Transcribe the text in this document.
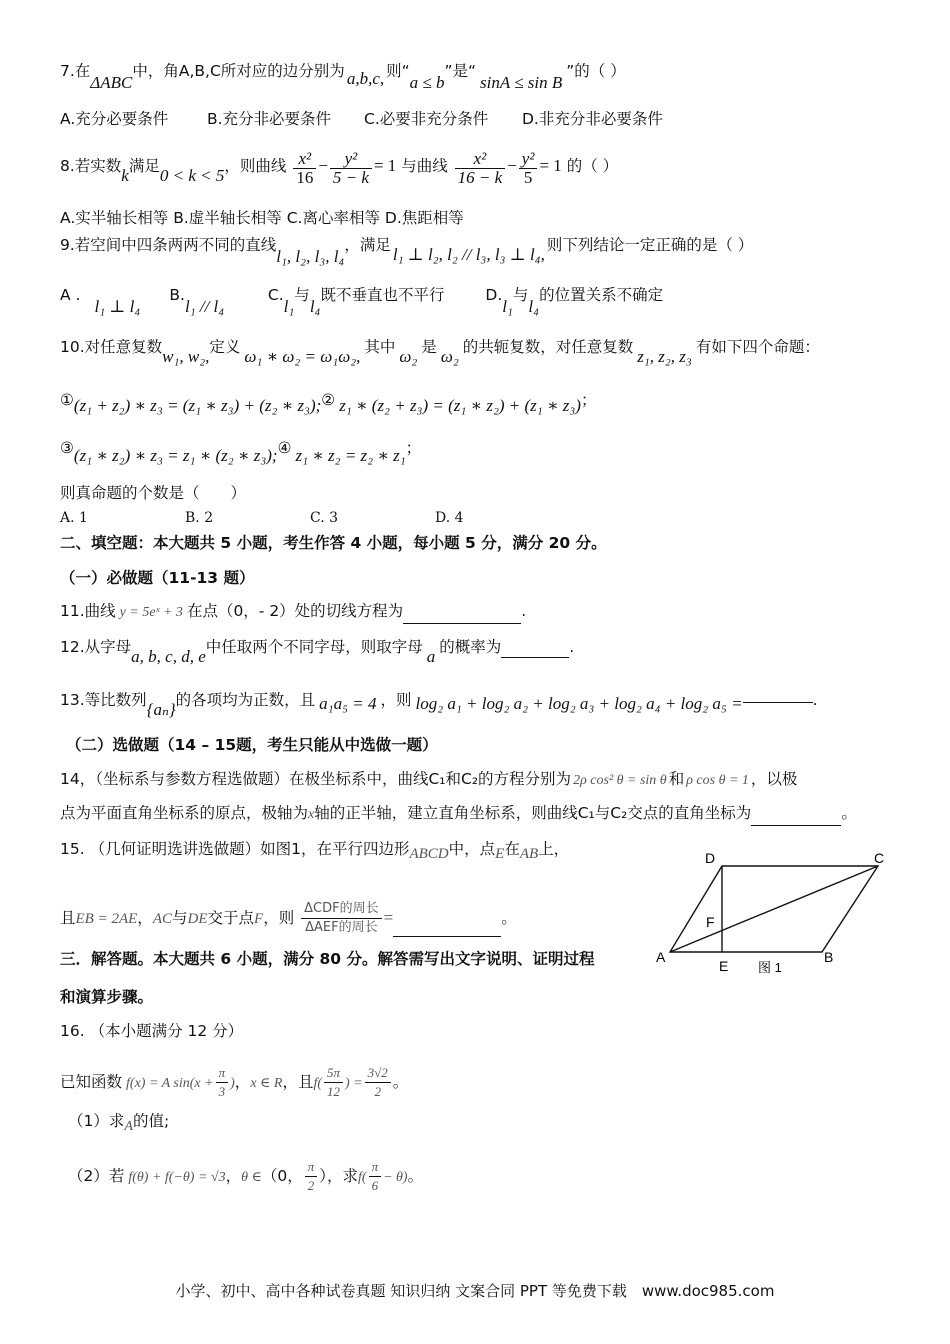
7.在ΔABC中，角A,B,C所对应的边分别为 a,b,c, 则“a ≤ b”是“sinA ≤ sin B”的（ ）
A.充分必要条件 B.充分非必要条件 C.必要非充分条件 D.非充分非必要条件
8.若实数k满足0 < k < 5，则曲线 $\frac{\text{x²}}{16} - \frac{\text{y²}}{5 - k} = 1$ 与曲线 $\frac{\text{x²}}{16 - k} - \frac{\text{y²}}{5} = 1$ 的（ ）
A.实半轴长相等 B.虚半轴长相等 C.离心率相等 D.焦距相等
9.若空间中四条两两不同的直线l₁, l₂, l₃, l₄，满足 l₁ ⊥ l₂, l₂ // l₃, l₃ ⊥ l₄, 则下列结论一定正确的是（ ）
A .l₁ ⊥ l₄ B.l₁ // l₄ C.l₁与l₄既不垂直也不平行	D.l₁与l₄的位置关系不确定
10.对任意复数w₁, w₂,定义 ω₁ ∗ ω₂ = ω₁ω₂, 其中 ω₂ 是 ω₂ 的共轭复数，对任意复数 z₁, z₂, z₃ 有如下四个命题：
①(z₁ + z₂) ∗ z₃ = (z₁ ∗ z₃) + (z₂ ∗ z₃);② z₁ ∗ (z₂ + z₃) = (z₁ ∗ z₂) + (z₁ ∗ z₃)；
③(z₁ ∗ z₂) ∗ z₃ = z₁ ∗ (z₂ ∗ z₃);④ z₁ ∗ z₂ = z₂ ∗ z₁；
则真命题的个数是（　　）
A. 1	B. 2	C. 3	D. 4
二、填空题：本大题共 5 小题，考生作答 4 小题，每小题 5 分，满分 20 分。
（一）必做题（11-13 题）
11.曲线 y = 5eˣ + 3 在点（0，- 2）处的切线方程为	.
12.从字母a, b, c, d, e中任取两个不同字母，则取字母 a 的概率为	.
13.等比数列{aₙ}的各项均为正数，且 a₁a₅ = 4 ，则 log₂ a₁ + log₂ a₂ + log₂ a₃ + log₂ a₄ + log₂ a₅ =	.
（二）选做题（14 – 15题，考生只能从中选做一题）
14，（坐标系与参数方程选做题）在极坐标系中，曲线C₁和C₂的方程分别为 2ρ cos² θ = sin θ 和 ρ cos θ = 1 ，以极
点为平面直角坐标系的原点，极轴为x轴的正半轴，建立直角坐标系，则曲线C₁与C₂交点的直角坐标为	。
15. （几何证明选讲选做题）如图1，在平行四边形ABCD中，点E在AB上，
且EB = 2AE，AC与DE交于点F，则 $\frac{\text{ΔCDF的周长}}{\text{ΔAEF的周长}}$ =	。
D	C
A	B
E
F
图 1
三．解答题。本大题共 6 小题，满分 80 分。解答需写出文字说明、证明过程
和演算步骤。
16. （本小题满分 12 分）
已知函数 f(x) = A $\sin(x + \frac{\pi}{3}$ )，x ∈ R，且$f( \frac{5\pi}{12}$ ) = $\frac{3√2}{2}$ 。
（1）求A的值;
（2）若 f(θ) + f(−θ) = √3，θ ∈（0， $\frac{\pi}{2}$ ），求$f( \frac{\pi}{6} - \theta)$。
小学、初中、高中各种试卷真题 知识归纳 文案合同 PPT 等免费下载　www.doc985.com
